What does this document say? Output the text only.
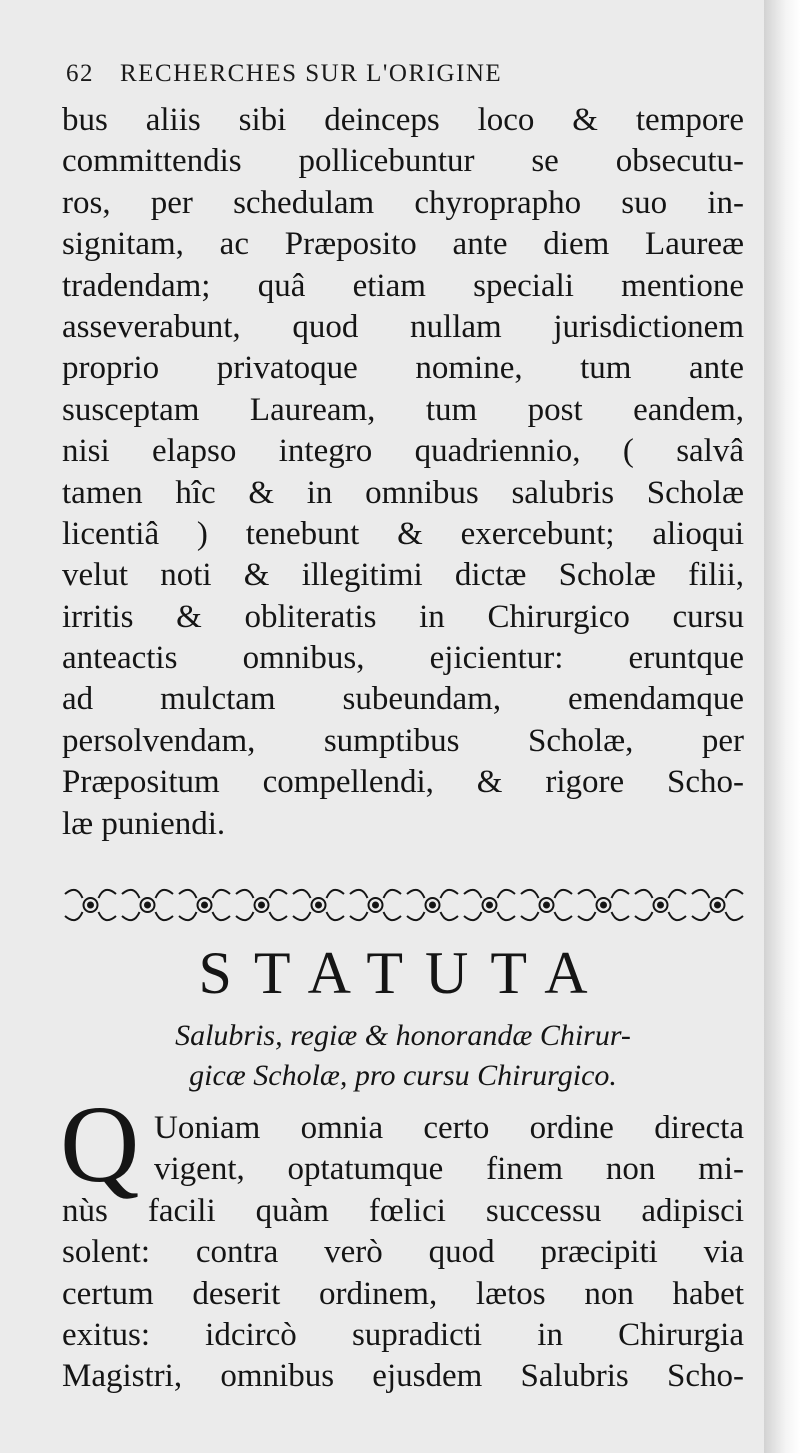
62 RECHERCHES SUR L'ORIGINE
bus aliis sibi deinceps loco & tempore
committendis pollicebuntur se obsecutu-
ros, per schedulam chyroprapho suo in-
signitam, ac Præposito ante diem Laureæ
tradendam; quâ etiam speciali mentione
asseverabunt, quod nullam jurisdictionem
proprio privatoque nomine, tum ante
susceptam Lauream, tum post eandem,
nisi elapso integro quadriennio, ( salvâ
tamen hîc & in omnibus salubris Scholæ
licentiâ ) tenebunt & exercebunt; alioqui
velut noti & illegitimi dictæ Scholæ filii,
irritis & obliteratis in Chirurgico cursu
anteactis omnibus, ejicientur: eruntque
ad mulctam subeundam, emendamque
persolvendam, sumptibus Scholæ, per
Præpositum compellendi, & rigore Scho-
læ puniendi.
STATUTA
Salubris, regiæ & honorandæ Chirur-
gicæ Scholæ, pro cursu Chirurgico.
Q Uoniam omnia certo ordine directa
vigent, optatumque finem non mi-
nùs facili quàm fœlici successu adipisci
solent: contra verò quod præcipiti via
certum deserit ordinem, lætos non habet
exitus: idcircò supradicti in Chirurgia
Magistri, omnibus ejusdem Salubris Scho-
